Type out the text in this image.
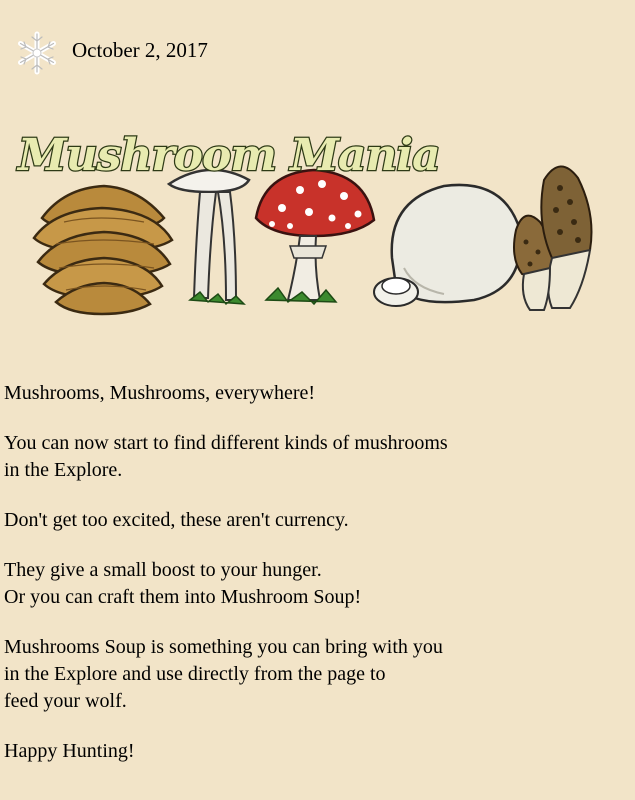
October 2, 2017
Mushroom Mania

Mushrooms, Mushrooms, everywhere!

You can now start to find different kinds of mushrooms
in the Explore.

Don't get too excited, these aren't currency.

They give a small boost to your hunger.
Or you can craft them into Mushroom Soup!

Mushrooms Soup is something you can bring with you
in the Explore and use directly from the page to
feed your wolf.

Happy Hunting!
